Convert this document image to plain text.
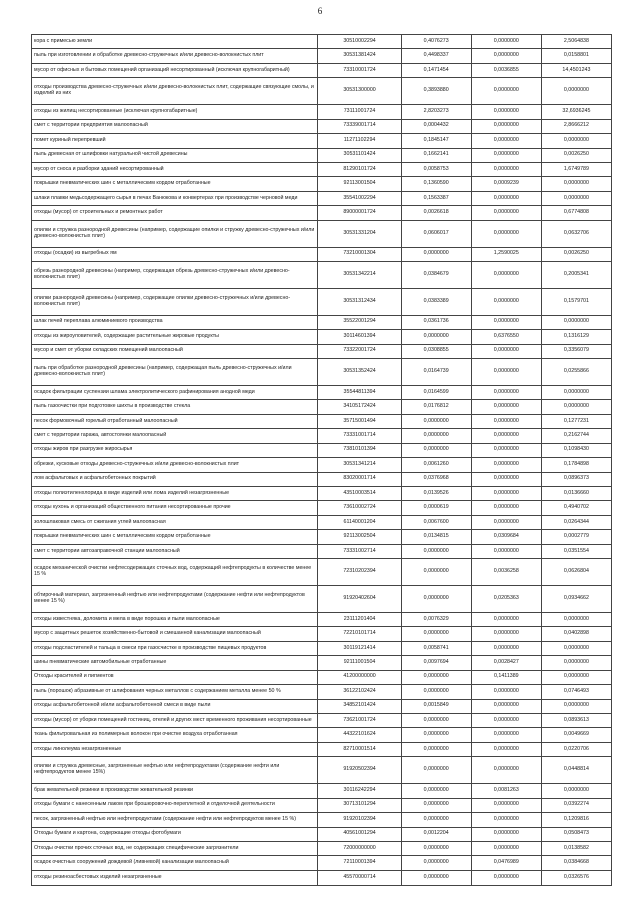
6
кора с примесью земли	30510002294	0,4076273	0,0000000	2,5064838
пыль при изготовлении и обработке древесно-стружечных и/или древесно-волокнистых плит	30531381424	0,4498337	0,0000000	0,0158801
мусор от офисных и бытовых помещений организаций несортированный (исключая крупногабаритный)	73310001724	0,1471454	0,0036855	14,4501243
отходы производства древесно-стружечных и/или древесно-волокнистых плит, содержащие связующие смолы, и изделий из них	30531300000	0,3893880	0,0000000	0,0000000
отходы из жилищ несортированные (исключая крупногабаритные)	73111001724	2,8203273	0,0000000	32,6936245
смет с территории предприятия малоопасный	73339001714	0,0004432	0,0000000	2,8666212
помет куриный перепревший	11271102294	0,1845147	0,0000000	0,0000000
пыль древесная от шлифовки натуральной чистой древесины	30531101424	0,1662141	0,0000000	0,0026250
мусор от сноса и разборки зданий несортированный	81290101724	0,0058753	0,0000000	1,6749789
покрышки пневматических шин с металлическим кордом отработанные	92113001504	0,1360590	0,0009239	0,0000000
шлаки плавки медьсодержащего сырья в печах Ванюкова и конвертерах при производстве черновой меди	35541002294	0,1563387	0,0000000	0,0000000
отходы (мусор) от строительных и ремонтных работ	89000001724	0,0026618	0,0000000	0,6774808
опилки и стружка разнородной древесины (например, содержащие опилки и стружку древесно-стружечных и/или древесно-волокнистых плит)	30531331204	0,0606017	0,0000000	0,0632706
отходы (осадки) из выгребных ям	73210001304	0,0000000	1,2590025	0,0026250
обрезь разнородной древесины (например, содержащая обрезь древесно-стружечных и/или древесно-волокнистых плит)	30531342214	0,0384679	0,0000000	0,2005341
опилки разнородной древесины (например, содержащие опилки древесно-стружечных и/или древесно-волокнистых плит)	30531312434	0,0383389	0,0000000	0,1579701
шлак печей переплава алюминиевого производства	35522001294	0,0361736	0,0000000	0,0000000
отходы из жироуловителей, содержащие растительные жировые продукты	30114601394	0,0000000	0,6376550	0,1316129
мусор и смет от уборки складских помещений малоопасный	73322001724	0,0308855	0,0000000	0,3356079
пыль при обработке разнородной древесины (например, содержащая пыль древесно-стружечных и/или древесно-волокнистых плит)	30531352424	0,0164739	0,0000000	0,0255866
осадок фильтрации суспензии шлама электролитического рафинирования анодной меди	35544811394	0,0164599	0,0000000	0,0000000
пыль газоочистки при подготовке шихты в производстве стекла	34105172424	0,0176812	0,0000000	0,0000000
песок формовочный горелый отработанный малоопасный	35715001494	0,0000000	0,0000000	0,1277231
смет с территории гаража, автостоянки малоопасный	73331001714	0,0000000	0,0000000	0,2162744
отходы жиров при разгрузке жиросырья	73810101394	0,0000000	0,0000000	0,1098430
обрезки, кусковые отходы древесно-стружечных и/или древесно-волокнистых плит	30531341214	0,0061260	0,0000000	0,1784898
лом асфальтовых и асфальтобетонных покрытий	83020001714	0,0376968	0,0000000	0,0896373
отходы полиэтиленхлорида в виде изделий или лома изделий незагрязненные	43510003514	0,0139526	0,0000000	0,0136660
отходы кухонь и организаций общественного питания несортированные прочие	73610002724	0,0000619	0,0000000	0,4940702
золошлаковая смесь от сжигания углей малоопасная	61140001204	0,0067600	0,0000000	0,0264344
покрышки пневматических шин с металлическим кордом отработанные	92113002504	0,0134815	0,0309684	0,0002779
смет с территории автозаправочной станции малоопасный	73331002714	0,0000000	0,0000000	0,0351554
осадок механической очистки нефтесодержащих сточных вод, содержащий нефтепродукты в количестве менее 15 %	72310202394	0,0000000	0,0036258	0,0626804
обтирочный материал, загрязненный нефтью или нефтепродуктами (содержание нефти или нефтепродуктов менее 15 %)	91920402604	0,0000000	0,0205363	0,0934662
отходы известняка, доломита и мела в виде порошка и пыли малоопасные	23111201404	0,0076329	0,0000000	0,0000000
мусор с защитных решеток хозяйственно-бытовой и смешанной канализации малоопасный	72210101714	0,0000000	0,0000000	0,0402898
отходы подсластителей и тальца в смеси при газосчистке в производстве пищевых продуктов	30119121414	0,0058741	0,0000000	0,0000000
шины пневматические автомобильные отработанные	92111001504	0,0097694	0,0028427	0,0000000
Отходы красителей и пигментов	41200000000	0,0000000	0,1411389	0,0000000
пыль (порошок) абразивные от шлифования черных металлов с содержанием металла менее 50 %	36122102424	0,0000000	0,0000000	0,0746493
отходы асфальтобетонной и/или асфальтобетонной смеси в виде пыли	34852101424	0,0015849	0,0000000	0,0000000
отходы (мусор) от уборки помещений гостиниц, отелей и других мест временного проживания несортированные	73621001724	0,0000000	0,0000000	0,0893613
ткань фильтровальная из полимерных волокон при очистке воздуха отработанная	44322101624	0,0000000	0,0000000	0,0049669
отходы линолеума незагрязненные	82710001514	0,0000000	0,0000000	0,0220706
опилки и стружка древесные, загрязненные нефтью или нефтепродуктами (содержание нефти или нефтепродуктов менее 15%)	91920502394	0,0000000	0,0000000	0,0448814
брак жевательной резинки в производстве жевательной резинки	30116242294	0,0000000	0,0081263	0,0000000
отходы бумаги с нанесенным лаком при брошюровочно-переплетной и отделочной деятельности	30713101294	0,0000000	0,0000000	0,0392274
песок, загрязненный нефтью или нефтепродуктами (содержание нефти или нефтепродуктов менее 15 %)	91920102394	0,0000000	0,0000000	0,1209816
Отходы бумаги и картона, содержащие отходы фотобумаги	40561001294	0,0012204	0,0000000	0,0508473
Отходы очистки прочих сточных вод, не содержащих специфические загрязнители	72000000000	0,0000000	0,0000000	0,0138582
осадок очистных сооружений дождевой (ливневой) канализации малоопасный	72110001394	0,0000000	0,0476989	0,0384668
отходы резиноасбестовых изделий незагрязненные	45570000714	0,0000000	0,0000000	0,0326576
